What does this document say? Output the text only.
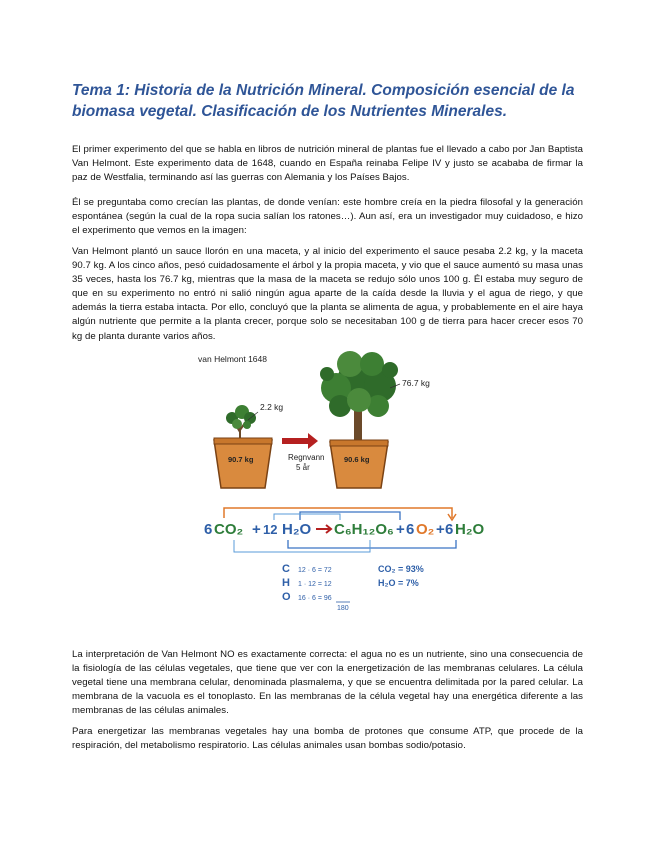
Tema 1: Historia de la Nutrición Mineral. Composición esencial de la biomasa vegetal. Clasificación de los Nutrientes Minerales.

El primer experimento del que se habla en libros de nutrición mineral de plantas fue el llevado a cabo por Jan Baptista Van Helmont. Este experimento data de 1648, cuando en España reinaba Felipe IV y justo se acababa de firmar la paz de Westfalia, terminando así las guerras con Alemania y los Países Bajos.

Él se preguntaba como crecían las plantas, de donde venían: este hombre creía en la piedra filosofal y la generación espontánea (según la cual de la ropa sucia salían los ratones…). Aun así, era un investigador muy cuidadoso, e hizo el experimento que vemos en la imagen:

Van Helmont plantó un sauce llorón en una maceta, y al inicio del experimento el sauce pesaba 2.2 kg, y la maceta 90.7 kg. A los cinco años, pesó cuidadosamente el árbol y la propia maceta, y vio que el sauce aumentó su masa unas 35 veces, hasta los 76.7 kg, mientras que la masa de la maceta se redujo sólo unos 100 g. Él estaba muy seguro de que en su experimento no entró ni salió ningún agua aparte de la caída desde la lluvia y el agua de riego, y que además la tierra estaba intacta. Por ello, concluyó que la planta se alimenta de agua, y probablemente en el aire haya algún nutriente que permite a la planta crecer, porque solo se necesitaban 100 g de tierra para hacer crecer esos 70 kg de planta durante varios años.

La interpretación de Van Helmont NO es exactamente correcta: el agua no es un nutriente, sino una consecuencia de la fisiología de las células vegetales, que tiene que ver con la energetización de las membranas celulares. La célula vegetal tiene una membrana celular, denominada plasmalema, y que se encuentra delimitada por la pared celular. La membrana de la vacuola es el tonoplasto. En las membranas de la célula vegetal hay una energética diferente a las membranas de las células animales.

Para energetizar las membranas vegetales hay una bomba de protones que consume ATP, que procede de la respiración, del metabolismo respiratorio. Las células animales usan bombas sodio/potasio.

van Helmont 1648
2.2 kg
90.7 kg	Regnvann
5 år
76.7 kg
90.6 kg
6 CO₂ + 12 H₂O C₆H₁₂O₆ + 6 O₂ + 6 H₂O
C 12 · 6 = 72
H 1 · 12 = 12
O 16 · 6 = 96
180
CO₂ = 93%
H₂O = 7%
